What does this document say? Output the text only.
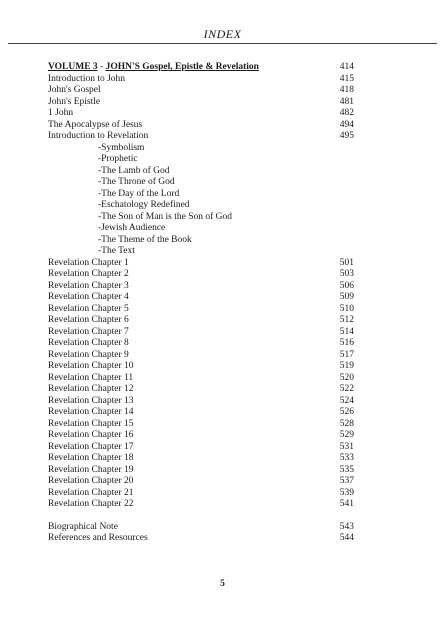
INDEX
VOLUME 3 - JOHN'S Gospel, Epistle & Revelation	414
Introduction to John	415
John's Gospel	418
John's Epistle	481
1 John	482
The Apocalypse of Jesus	494
Introduction to Revelation	495
-Symbolism
-Prophetic
-The Lamb of God
-The Throne of God
-The Day of the Lord
-Eschatology Redefined
-The Son of Man is the Son of God
-Jewish Audience
-The Theme of the Book
-The Text
Revelation Chapter 1	501
Revelation Chapter 2	503
Revelation Chapter 3	506
Revelation Chapter 4	509
Revelation Chapter 5	510
Revelation Chapter 6	512
Revelation Chapter 7	514
Revelation Chapter 8	516
Revelation Chapter 9	517
Revelation Chapter 10	519
Revelation Chapter 11	520
Revelation Chapter 12	522
Revelation Chapter 13	524
Revelation Chapter 14	526
Revelation Chapter 15	528
Revelation Chapter 16	529
Revelation Chapter 17	531
Revelation Chapter 18	533
Revelation Chapter 19	535
Revelation Chapter 20	537
Revelation Chapter 21	539
Revelation Chapter 22	541
Biographical Note	543
References and Resources	544
5
